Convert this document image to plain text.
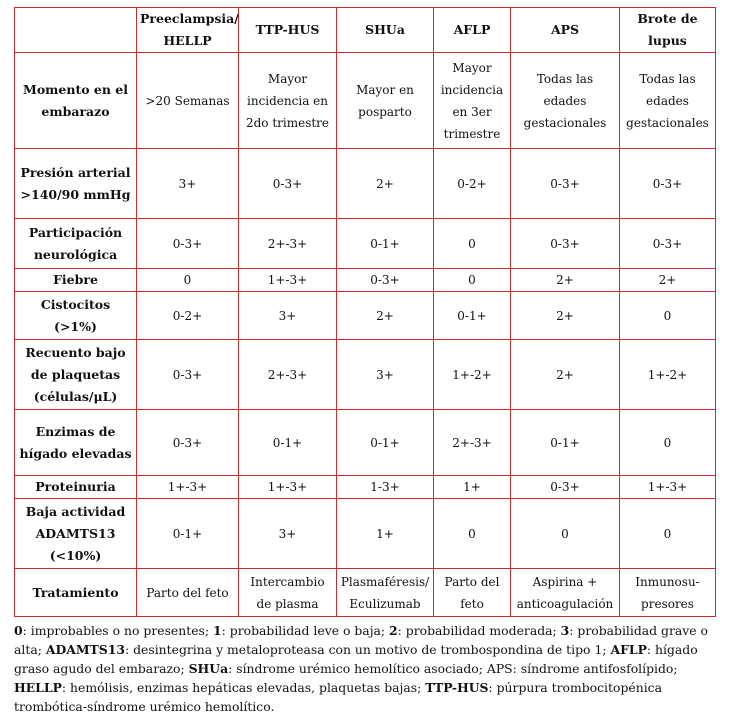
	Preeclampsia/ HELLP	TTP-HUS	SHUa	AFLP	APS	Brote de lupus
Momento en el embarazo	>20 Semanas	Mayor incidencia en 2do trimestre	Mayor en posparto	Mayor incidencia en 3er trimestre	Todas las edades gestacionales	Todas las edades gestacionales
Presión arterial >140/90 mmHg	3+	0-3+	2+	0-2+	0-3+	0-3+
Participación neurológica	0-3+	2+-3+	0-1+	0	0-3+	0-3+
Fiebre	0	1+-3+	0-3+	0	2+	2+
Cistocitos (>1%)	0-2+	3+	2+	0-1+	2+	0
Recuento bajo de plaquetas (células/μL)	0-3+	2+-3+	3+	1+-2+	2+	1+-2+
Enzimas de hígado elevadas	0-3+	0-1+	0-1+	2+-3+	0-1+	0
Proteinuria	1+-3+	1+-3+	1-3+	1+	0-3+	1+-3+
Baja actividad ADAMTS13 (<10%)	0-1+	3+	1+	0	0	0
Tratamiento	Parto del feto	Intercambio de plasma	Plasmaféresis/ Eculizumab	Parto del feto	Aspirina + anticoagulación	Inmunosu-presores
0: improbables o no presentes; 1: probabilidad leve o baja; 2: probabilidad moderada; 3: probabilidad grave o alta; ADAMTS13: desintegrina y metaloproteasa con un motivo de trombospondina de tipo 1; AFLP: hígado graso agudo del embarazo; SHUa: síndrome urémico hemolítico asociado; APS: síndrome antifosfolípido; HELLP: hemólisis, enzimas hepáticas elevadas, plaquetas bajas; TTP-HUS: púrpura trombocitopénica trombótica-síndrome urémico hemolítico.
